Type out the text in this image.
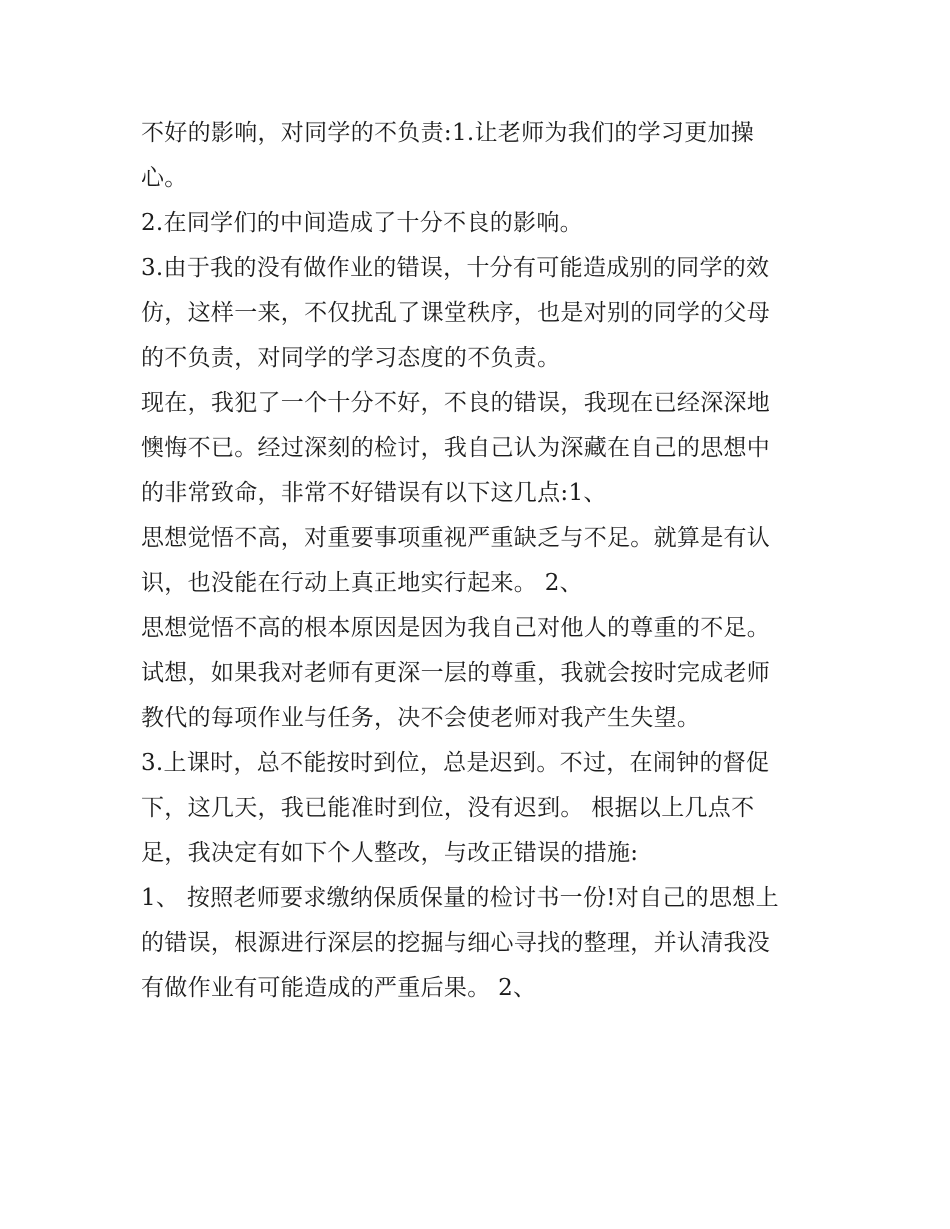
不好的影响，对同学的不负责:1.让老师为我们的学习更加操
心。
2.在同学们的中间造成了十分不良的影响。
3.由于我的没有做作业的错误，十分有可能造成别的同学的效
仿，这样一来，不仅扰乱了课堂秩序，也是对别的同学的父母
的不负责，对同学的学习态度的不负责。
现在，我犯了一个十分不好，不良的错误，我现在已经深深地
懊悔不已。经过深刻的检讨，我自己认为深藏在自己的思想中
的非常致命，非常不好错误有以下这几点:1、
思想觉悟不高，对重要事项重视严重缺乏与不足。就算是有认
识，也没能在行动上真正地实行起来。 2、
思想觉悟不高的根本原因是因为我自己对他人的尊重的不足。
试想，如果我对老师有更深一层的尊重，我就会按时完成老师
教代的每项作业与任务，决不会使老师对我产生失望。
3.上课时，总不能按时到位，总是迟到。不过，在闹钟的督促
下，这几天，我已能准时到位，没有迟到。 根据以上几点不
足，我决定有如下个人整改，与改正错误的措施:
1、 按照老师要求缴纳保质保量的检讨书一份!对自己的思想上
的错误，根源进行深层的挖掘与细心寻找的整理，并认清我没
有做作业有可能造成的严重后果。 2、
